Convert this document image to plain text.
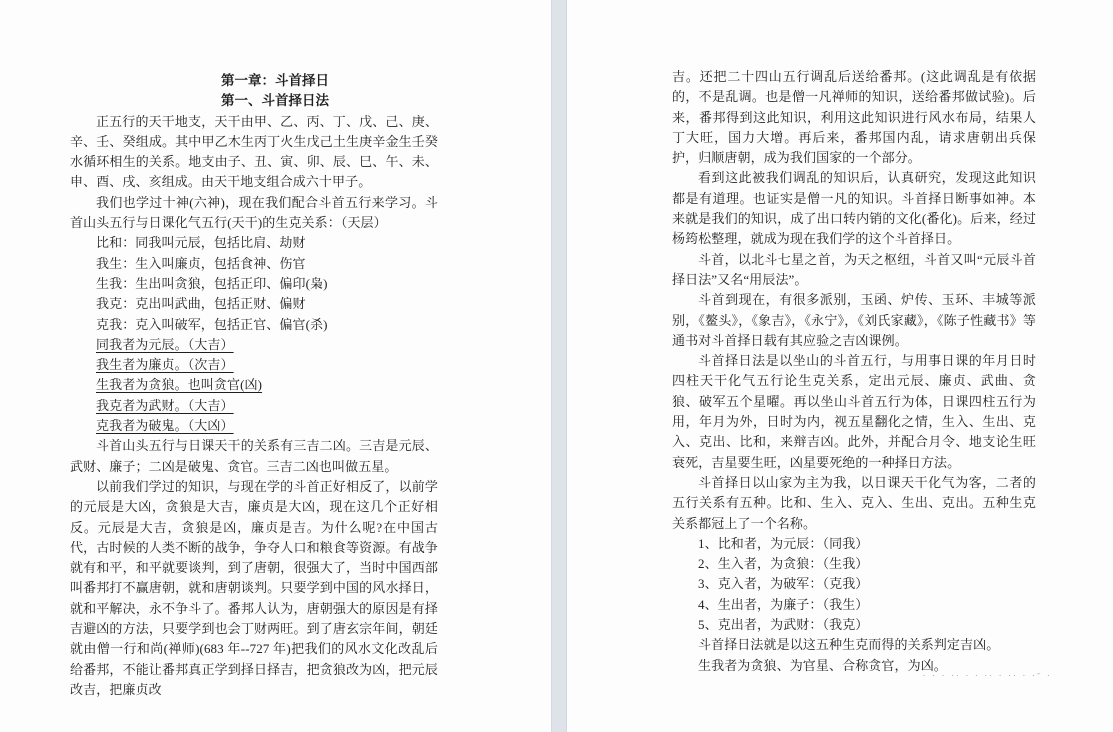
第一章：斗首择日
第一、斗首择日法

正五行的天干地支，天干由甲、乙、丙、丁、戊、己、庚、辛、壬、癸组成。其中甲乙木生丙丁火生戊己土生庚辛金生壬癸水循环相生的关系。地支由子、丑、寅、卯、辰、巳、午、未、申、酉、戌、亥组成。由天干地支组合成六十甲子。

我们也学过十神(六神)，现在我们配合斗首五行来学习。斗首山头五行与日课化气五行(天干)的生克关系：（天层）

比和：同我叫元辰，包括比肩、劫财

我生：生入叫廉贞，包括食神、伤官

生我：生出叫贪狼，包括正印、偏印(枭)

我克：克出叫武曲，包括正财、偏财

克我：克入叫破军，包括正官、偏官(杀)

同我者为元辰。（大吉）

我生者为廉贞。（次吉）

生我者为贪狼。也叫贪官(凶)

我克者为武财。（大吉）

克我者为破鬼。（大凶）

斗首山头五行与日课天干的关系有三吉二凶。三吉是元辰、武财、廉子；二凶是破鬼、贪官。三吉二凶也叫做五星。

以前我们学过的知识，与现在学的斗首正好相反了，以前学的元辰是大凶，贪狼是大吉，廉贞是大凶，现在这几个正好相反。元辰是大吉，贪狼是凶，廉贞是吉。为什么呢?在中国古代，古时候的人类不断的战争，争夺人口和粮食等资源。有战争就有和平，和平就要谈判，到了唐朝，很强大了，当时中国西部叫番邦打不赢唐朝，就和唐朝谈判。只要学到中国的风水择日，就和平解决，永不争斗了。番邦人认为，唐朝强大的原因是有择吉避凶的方法，只要学到也会丁财两旺。到了唐玄宗年间，朝廷就由僧一行和尚(禅师)(683 年--727 年)把我们的风水文化改乱后给番邦，不能让番邦真正学到择日择吉，把贪狼改为凶，把元辰改吉，把廉贞改

吉。还把二十四山五行调乱后送给番邦。(这此调乱是有依据的，不是乱调。也是僧一凡禅师的知识，送给番邦做试验)。后来，番邦得到这此知识，利用这此知识进行风水布局，结果人丁大旺，国力大增。再后来，番邦国内乱，请求唐朝出兵保护，归顺唐朝，成为我们国家的一个部分。

看到这此被我们调乱的知识后，认真研究，发现这此知识都是有道理。也证实是僧一凡的知识。斗首择日断事如神。本来就是我们的知识，成了出口转内销的文化(番化)。后来，经过杨筠松整理，就成为现在我们学的这个斗首择日。

斗首，以北斗七星之首，为天之枢纽，斗首又叫“元辰斗首择日法”又名“用辰法”。

斗首到现在，有很多派别，玉函、炉传、玉环、丰城等派别，《鳌头》，《象吉》，《永宁》，《刘氏家藏》，《陈子性藏书》等通书对斗首择日载有其应验之吉凶课例。

斗首择日法是以坐山的斗首五行，与用事日课的年月日时四柱天干化气五行论生克关系，定出元辰、廉贞、武曲、贪狼、破军五个星曜。再以坐山斗首五行为体，日课四柱五行为用，年月为外，日时为内，视五星翻化之情，生入、生出、克入、克出、比和，来辩吉凶。此外，并配合月令、地支论生旺衰死，吉星要生旺，凶星要死绝的一种择日方法。

斗首择日以山家为主为我，以日课天干化气为客，二者的五行关系有五种。比和、生入、克入、生出、克出。五种生克关系都冠上了一个名称。

1、比和者，为元辰：（同我）

2、生入者，为贪狼：（生我）

3、克入者，为破军：（克我）

4、生出者，为廉子：（我生）

5、克出者，为武财：（我克）

斗首择日法就是以这五种生克而得的关系判定吉凶。

生我者为贪狼、为官星、合称贪官，为凶。

. . . .. . . .. . .. . .- .
